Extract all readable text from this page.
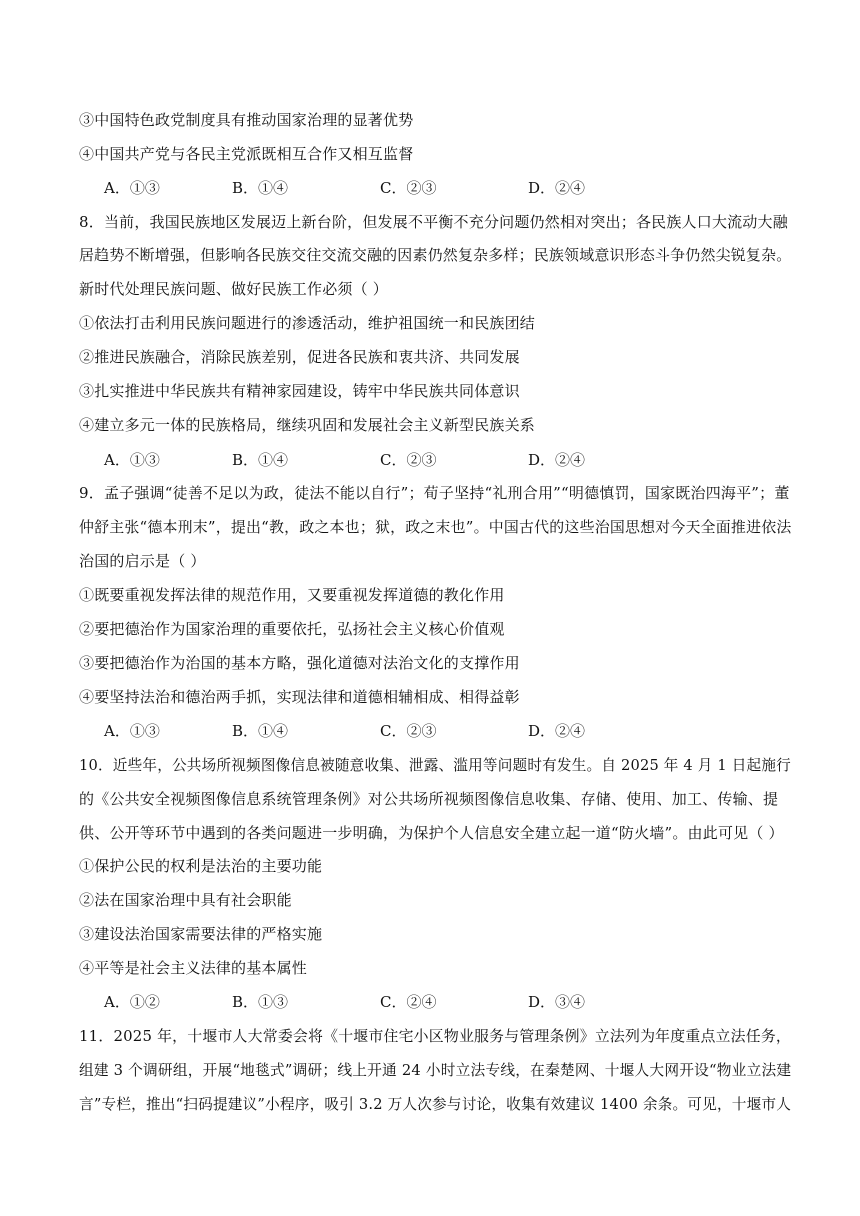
③中国特色政党制度具有推动国家治理的显著优势
④中国共产党与各民主党派既相互合作又相互监督
A．①③	B．①④	C．②③	D．②④
8．当前，我国民族地区发展迈上新台阶，但发展不平衡不充分问题仍然相对突出；各民族人口大流动大融
居趋势不断增强，但影响各民族交往交流交融的因素仍然复杂多样；民族领域意识形态斗争仍然尖锐复杂。
新时代处理民族问题、做好民族工作必须（ ）
①依法打击利用民族问题进行的渗透活动，维护祖国统一和民族团结
②推进民族融合，消除民族差别，促进各民族和衷共济、共同发展
③扎实推进中华民族共有精神家园建设，铸牢中华民族共同体意识
④建立多元一体的民族格局，继续巩固和发展社会主义新型民族关系
A．①③	B．①④	C．②③	D．②④
9．孟子强调“徒善不足以为政，徒法不能以自行”；荀子坚持“礼刑合用”“明德慎罚，国家既治四海平”；董
仲舒主张“德本刑末”，提出“教，政之本也；狱，政之末也”。中国古代的这些治国思想对今天全面推进依法
治国的启示是（ ）
①既要重视发挥法律的规范作用，又要重视发挥道德的教化作用
②要把德治作为国家治理的重要依托，弘扬社会主义核心价值观
③要把德治作为治国的基本方略，强化道德对法治文化的支撑作用
④要坚持法治和德治两手抓，实现法律和道德相辅相成、相得益彰
A．①③	B．①④	C．②③	D．②④
10．近些年，公共场所视频图像信息被随意收集、泄露、滥用等问题时有发生。自 2025 年 4 月 1 日起施行
的《公共安全视频图像信息系统管理条例》对公共场所视频图像信息收集、存储、使用、加工、传输、提
供、公开等环节中遇到的各类问题进一步明确，为保护个人信息安全建立起一道“防火墙”。由此可见（ ）
①保护公民的权利是法治的主要功能
②法在国家治理中具有社会职能
③建设法治国家需要法律的严格实施
④平等是社会主义法律的基本属性
A．①②	B．①③	C．②④	D．③④
11．2025 年，十堰市人大常委会将《十堰市住宅小区物业服务与管理条例》立法列为年度重点立法任务，
组建 3 个调研组，开展“地毯式”调研；线上开通 24 小时立法专线，在秦楚网、十堰人大网开设“物业立法建
言”专栏，推出“扫码提建议”小程序，吸引 3.2 万人次参与讨论，收集有效建议 1400 余条。可见，十堰市人
